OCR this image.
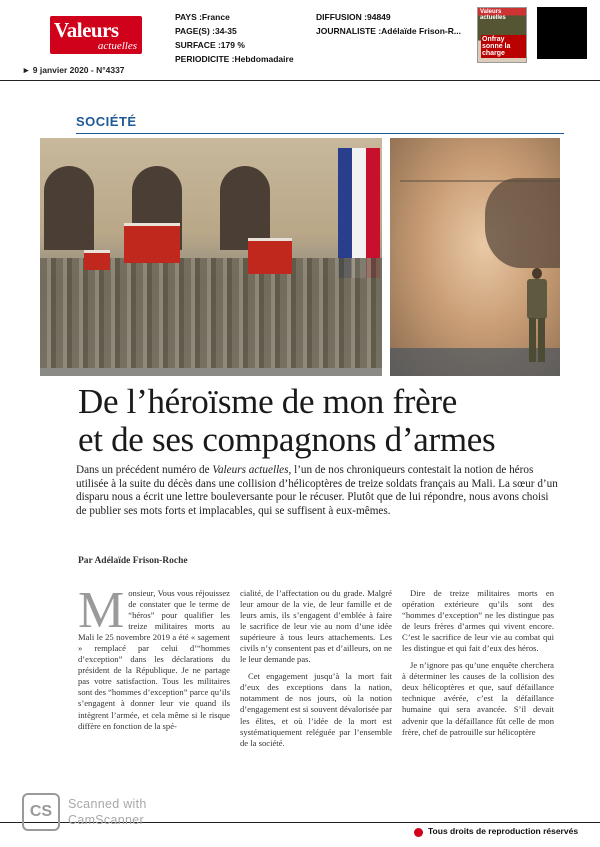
Valeurs
actuelles
PAYS :France
PAGE(S) :34-35
SURFACE :179 %
PERIODICITE :Hebdomadaire
DIFFUSION :94849
JOURNALISTE :Adélaïde Frison-R...
► 9 janvier 2020 - N°4337
Valeurs actuelles
Onfray sonne la charge
SOCIÉTÉ
De l’héroïsme de mon frère
et de ses compagnons d’armes
Dans un précédent numéro de Valeurs actuelles, l’un de nos chroniqueurs contestait la notion de héros utilisée à la suite du décès dans une collision d’hélicoptères de treize soldats français au Mali. La sœur d’un disparu nous a écrit une lettre bouleversante pour le récuser. Plutôt que de lui répondre, nous avons choisi de publier ses mots forts et implacables, qui se suffisent à eux-mêmes.
Par Adélaïde Frison-Roche
M onsieur, Vous vous réjouissez de constater que le terme de “héros” pour qualifier les treize militaires morts au Mali le 25 novembre 2019 a été « sagement » remplacé par celui d’“hommes d’exception” dans les déclarations du président de la République. Je ne partage pas votre satisfaction. Tous les militaires sont des “hommes d’exception” parce qu’ils s’engagent à donner leur vie quand ils intègrent l’armée, et cela même si le risque diffère en fonction de la spé-

cialité, de l’affectation ou du grade. Malgré leur amour de la vie, de leur famille et de leurs amis, ils s’engagent d’emblée à faire le sacrifice de leur vie au nom d’une idée supérieure à tous leurs attachements. Les civils n’y consentent pas et d’ailleurs, on ne le leur demande pas.

Cet engagement jusqu’à la mort fait d’eux des exceptions dans la nation, notamment de nos jours, où la notion d’engagement est si souvent dévalorisée par les élites, et où l’idée de la mort est systématiquement reléguée par l’ensemble de la société.

Dire de treize militaires morts en opération extérieure qu’ils sont des “hommes d’exception” ne les distingue pas de leurs frères d’armes qui vivent encore. C’est le sacrifice de leur vie au combat qui les distingue et qui fait d’eux des héros.

Je n’ignore pas qu’une enquête cherchera à déterminer les causes de la collision des deux hélicoptères et que, sauf défaillance technique avérée, c’est la défaillance humaine qui sera avancée. S’il devait advenir que la défaillance fût celle de mon frère, chef de patrouille sur hélicoptère

CS	Scanned with
CamScanner
Tous droits de reproduction réservés
